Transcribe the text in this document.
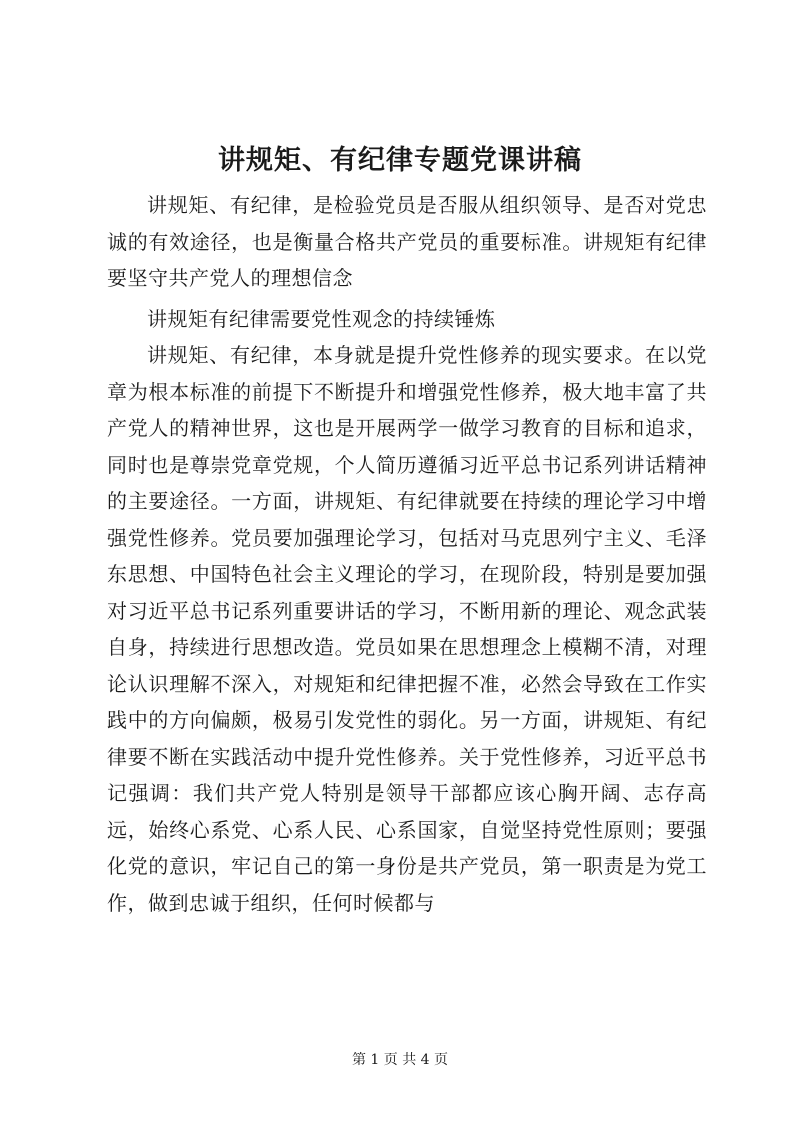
讲规矩、有纪律专题党课讲稿

讲规矩、有纪律，是检验党员是否服从组织领导、是否对党忠诚的有效途径，也是衡量合格共产党员的重要标准。讲规矩有纪律要坚守共产党人的理想信念

讲规矩有纪律需要党性观念的持续锤炼

讲规矩、有纪律，本身就是提升党性修养的现实要求。在以党章为根本标准的前提下不断提升和增强党性修养，极大地丰富了共产党人的精神世界，这也是开展两学一做学习教育的目标和追求，同时也是尊崇党章党规，个人简历遵循习近平总书记系列讲话精神的主要途径。一方面，讲规矩、有纪律就要在持续的理论学习中增强党性修养。党员要加强理论学习，包括对马克思列宁主义、毛泽东思想、中国特色社会主义理论的学习，在现阶段，特别是要加强对习近平总书记系列重要讲话的学习，不断用新的理论、观念武装自身，持续进行思想改造。党员如果在思想理念上模糊不清，对理论认识理解不深入，对规矩和纪律把握不准，必然会导致在工作实践中的方向偏颇，极易引发党性的弱化。另一方面，讲规矩、有纪律要不断在实践活动中提升党性修养。关于党性修养，习近平总书记强调：我们共产党人特别是领导干部都应该心胸开阔、志存高远，始终心系党、心系人民、心系国家，自觉坚持党性原则；要强化党的意识，牢记自己的第一身份是共产党员，第一职责是为党工作，做到忠诚于组织，任何时候都与

第 1 页 共 4 页
